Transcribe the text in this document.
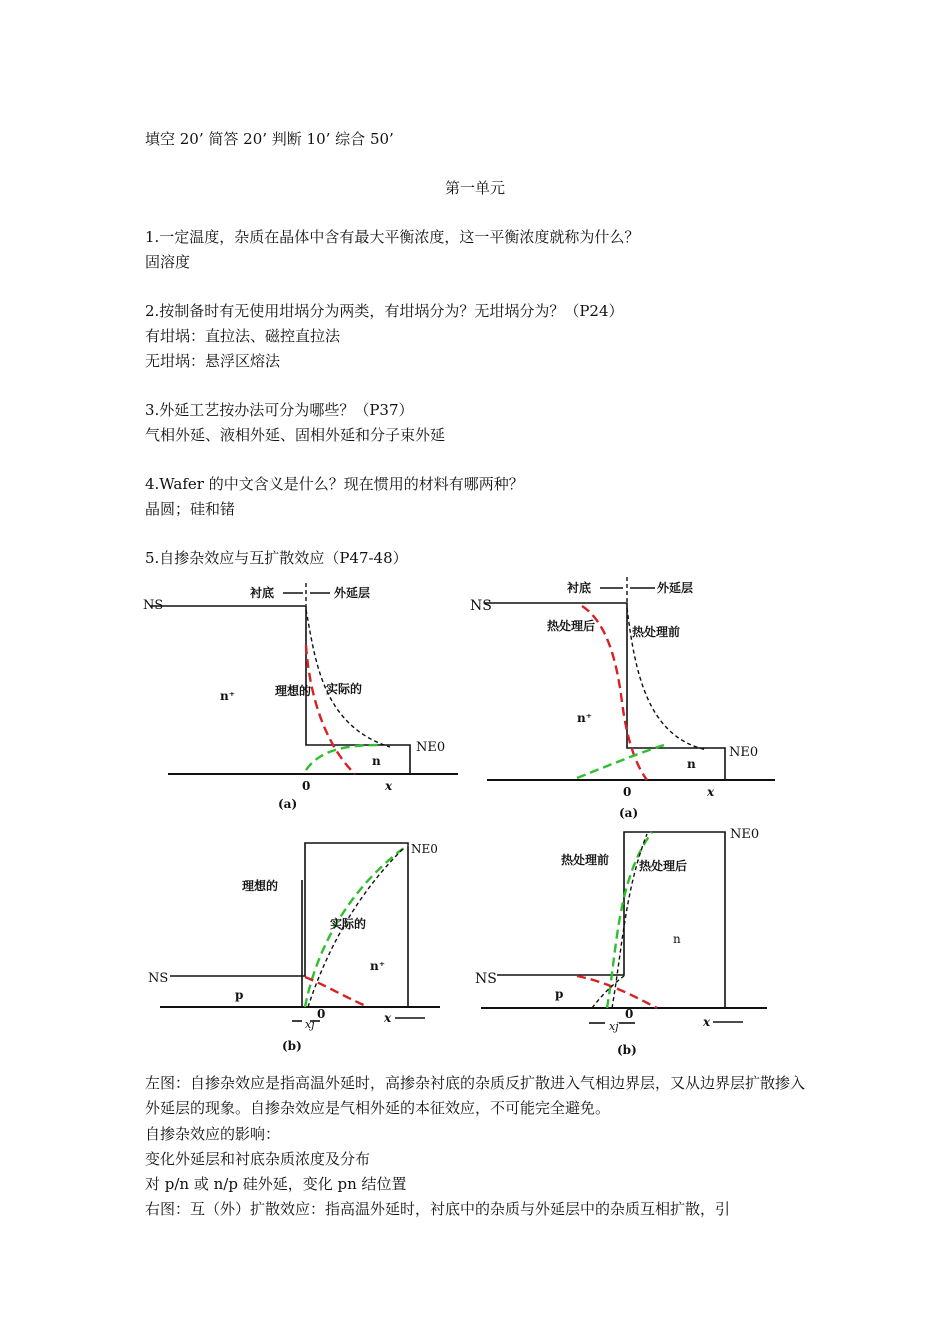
填空 20’ 简答 20’ 判断 10’ 综合 50’
第一单元
1.一定温度，杂质在晶体中含有最大平衡浓度，这一平衡浓度就称为什么？
固溶度
2.按制备时有无使用坩埚分为两类，有坩埚分为？无坩埚分为？（P24）
有坩埚：直拉法、磁控直拉法
无坩埚：悬浮区熔法
3.外延工艺按办法可分为哪些？（P37）
气相外延、液相外延、固相外延和分子束外延
4.Wafer 的中文含义是什么？现在惯用的材料有哪两种？
晶圆；硅和锗
5.自掺杂效应与互扩散效应（P47-48）
NS
衬底	外延层
理想的 实际的
n⁺
NE0
n
0	x
(a)
NS
衬底	外延层
热处理后	热处理前
n⁺
NE0
n
0	x
(a)
NS
NE0
理想的
实际的
n⁺
p
xj
0	x
(b)
NS
NE0
热处理前 热处理后
n
p
xj
0
x
(b)
左图：自掺杂效应是指高温外延时，高掺杂衬底的杂质反扩散进入气相边界层，又从边界层扩散掺入外延层的现象。自掺杂效应是气相外延的本征效应，不可能完全避免。
自掺杂效应的影响：
变化外延层和衬底杂质浓度及分布
对 p/n 或 n/p 硅外延，变化 pn 结位置
右图：互（外）扩散效应：指高温外延时，衬底中的杂质与外延层中的杂质互相扩散，引
